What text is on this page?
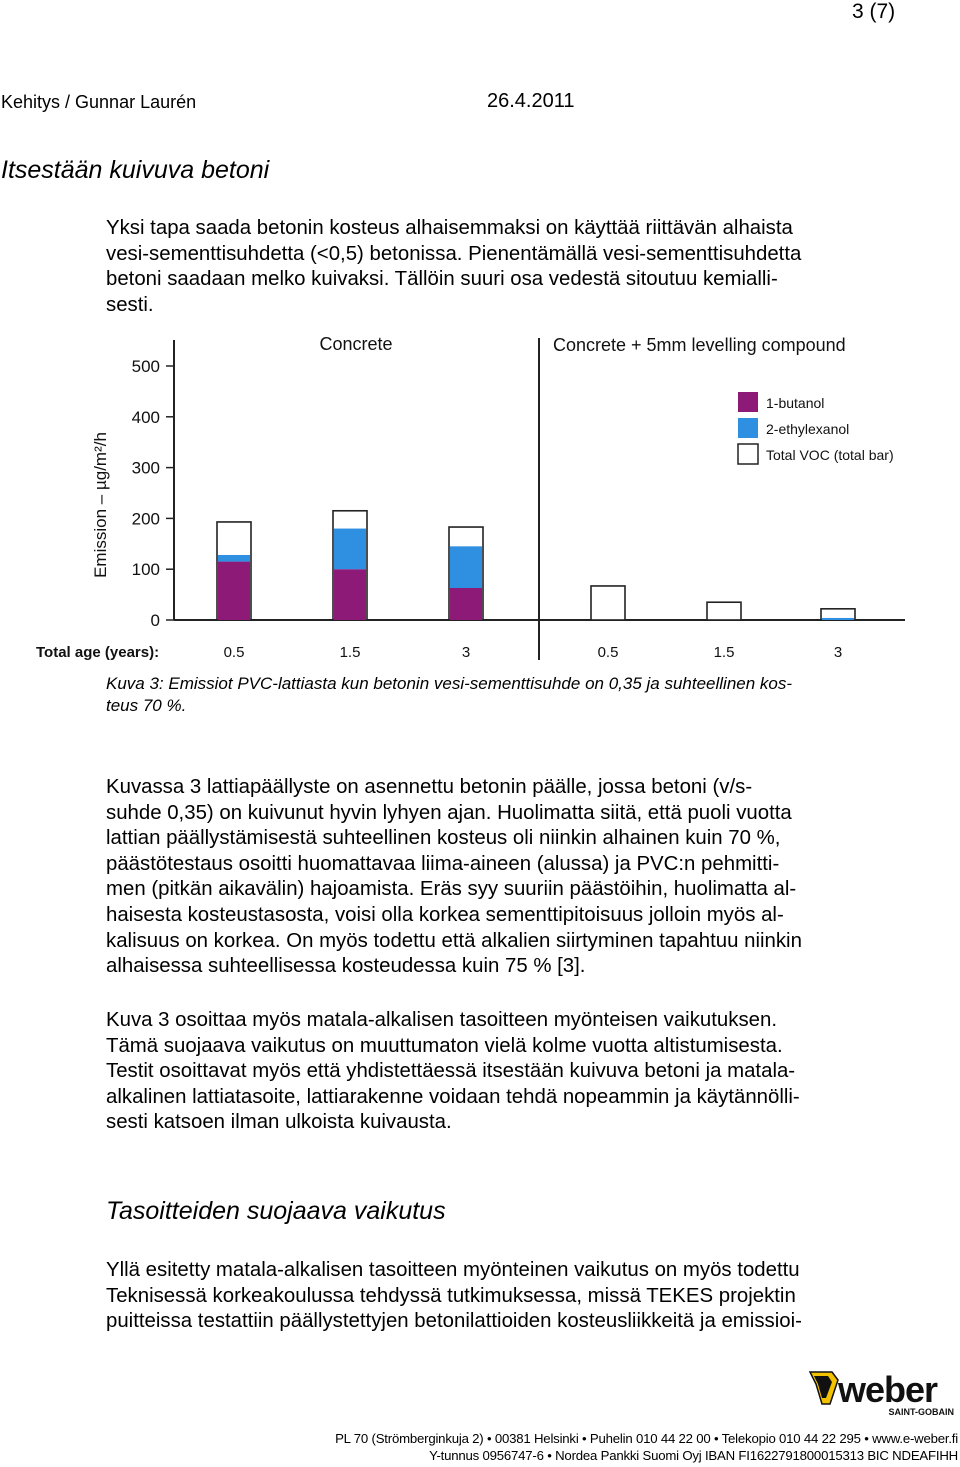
3 (7)
Kehitys / Gunnar Laurén	26.4.2011
Itsestään kuivuva betoni
Yksi tapa saada betonin kosteus alhaisemmaksi on käyttää riittävän alhaista
vesi-sementtisuhdetta (<0,5) betonissa. Pienentämällä vesi-sementtisuhdetta
betoni saadaan melko kuivaksi. Tällöin suuri osa vedestä sitoutuu kemialli-
sesti.
0
100
200
300
400
500
Emission – µg/m²/h
Total age (years):
Concrete	Concrete + 5mm levelling compound
0.5	1.5	3	0.5	1.5	3
1-butanol
2-ethylexanol
Total VOC (total bar)
Kuva 3: Emissiot PVC-lattiasta kun betonin vesi-sementtisuhde on 0,35 ja suhteellinen kos-
teus 70 %.
Kuvassa 3 lattiapäällyste on asennettu betonin päälle, jossa betoni (v/s-
suhde 0,35) on kuivunut hyvin lyhyen ajan. Huolimatta siitä, että puoli vuotta
lattian päällystämisestä suhteellinen kosteus oli niinkin alhainen kuin 70 %,
päästötestaus osoitti huomattavaa liima-aineen (alussa) ja PVC:n pehmitti-
men (pitkän aikavälin) hajoamista. Eräs syy suuriin päästöihin, huolimatta al-
haisesta kosteustasosta, voisi olla korkea sementtipitoisuus jolloin myös al-
kalisuus on korkea. On myös todettu että alkalien siirtyminen tapahtuu niinkin
alhaisessa suhteellisessa kosteudessa kuin 75 % [3].
Kuva 3 osoittaa myös matala-alkalisen tasoitteen myönteisen vaikutuksen.
Tämä suojaava vaikutus on muuttumaton vielä kolme vuotta altistumisesta.
Testit osoittavat myös että yhdistettäessä itsestään kuivuva betoni ja matala-
alkalinen lattiatasoite, lattiarakenne voidaan tehdä nopeammin ja käytännölli-
sesti katsoen ilman ulkoista kuivausta.
Tasoitteiden suojaava vaikutus
Yllä esitetty matala-alkalisen tasoitteen myönteinen vaikutus on myös todettu
Teknisessä korkeakoulussa tehdyssä tutkimuksessa, missä TEKES projektin
puitteissa testattiin päällystettyjen betonilattioiden kosteusliikkeitä ja emissioi-
weber
SAINT-GOBAIN
PL 70 (Strömberginkuja 2) • 00381 Helsinki • Puhelin 010 44 22 00 • Telekopio 010 44 22 295 • www.e-weber.fi
Y-tunnus 0956747-6 • Nordea Pankki Suomi Oyj IBAN FI1622791800015313 BIC NDEAFIHH
